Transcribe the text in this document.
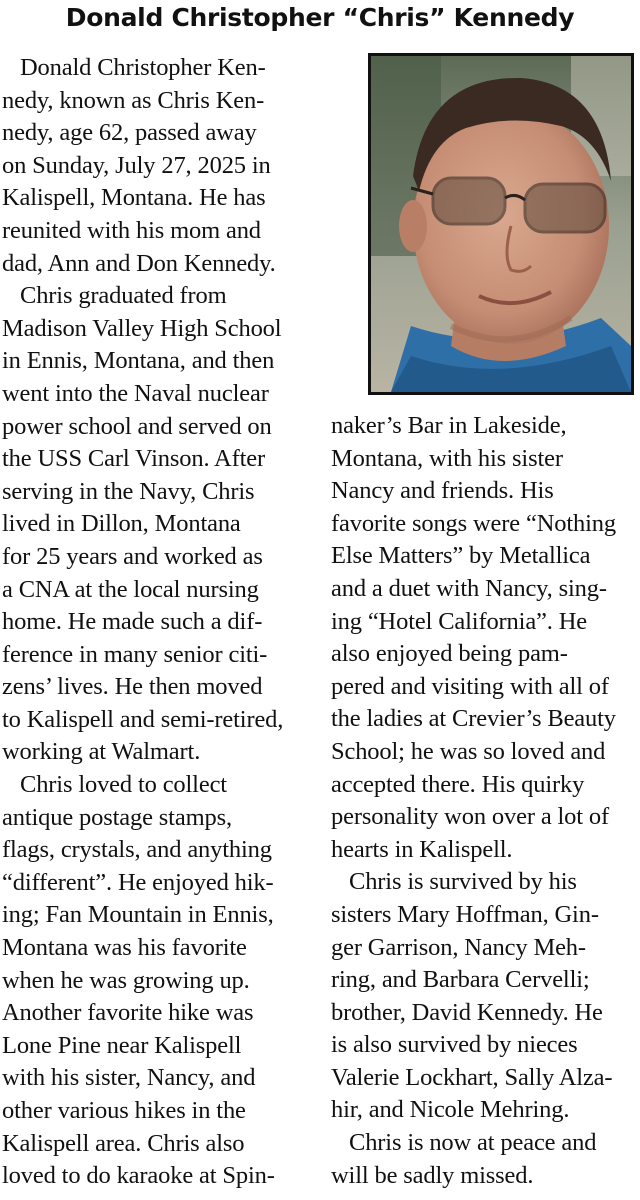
Donald Christopher “Chris” Kennedy
Donald Christopher Ken-
nedy, known as Chris Ken-
nedy, age 62, passed away
on Sunday, July 27, 2025 in
Kalispell, Montana. He has
reunited with his mom and
dad, Ann and Don Kennedy.
Chris graduated from
Madison Valley High School
in Ennis, Montana, and then
went into the Naval nuclear
power school and served on
the USS Carl Vinson. After
serving in the Navy, Chris
lived in Dillon, Montana
for 25 years and worked as
a CNA at the local nursing
home. He made such a dif-
ference in many senior citi-
zens’ lives. He then moved
to Kalispell and semi-retired,
working at Walmart.
Chris loved to collect
antique postage stamps,
flags, crystals, and anything
“different”. He enjoyed hik-
ing; Fan Mountain in Ennis,
Montana was his favorite
when he was growing up.
Another favorite hike was
Lone Pine near Kalispell
with his sister, Nancy, and
other various hikes in the
Kalispell area. Chris also
loved to do karaoke at Spin-
naker’s Bar in Lakeside,
Montana, with his sister
Nancy and friends. His
favorite songs were “Nothing
Else Matters” by Metallica
and a duet with Nancy, sing-
ing “Hotel California”. He
also enjoyed being pam-
pered and visiting with all of
the ladies at Crevier’s Beauty
School; he was so loved and
accepted there. His quirky
personality won over a lot of
hearts in Kalispell.
Chris is survived by his
sisters Mary Hoffman, Gin-
ger Garrison, Nancy Meh-
ring, and Barbara Cervelli;
brother, David Kennedy. He
is also survived by nieces
Valerie Lockhart, Sally Alza-
hir, and Nicole Mehring.
Chris is now at peace and
will be sadly missed.
